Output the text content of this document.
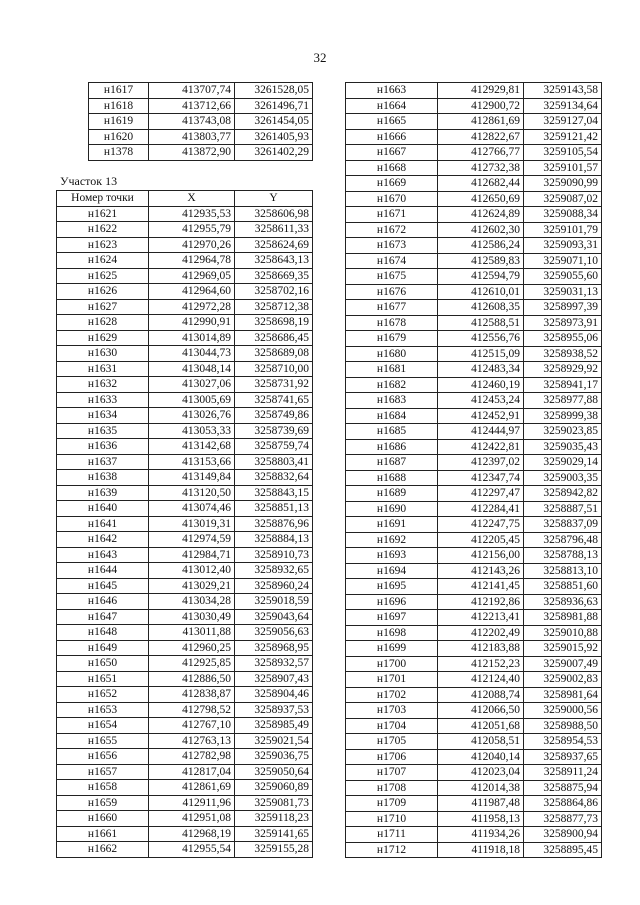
32
н1617	413707,74	3261528,05
н1618	413712,66	3261496,71
н1619	413743,08	3261454,05
н1620	413803,77	3261405,93
н1378	413872,90	3261402,29
Участок 13
Номер точки	X	Y
н1621	412935,53	3258606,98
н1622	412955,79	3258611,33
н1623	412970,26	3258624,69
н1624	412964,78	3258643,13
н1625	412969,05	3258669,35
н1626	412964,60	3258702,16
н1627	412972,28	3258712,38
н1628	412990,91	3258698,19
н1629	413014,89	3258686,45
н1630	413044,73	3258689,08
н1631	413048,14	3258710,00
н1632	413027,06	3258731,92
н1633	413005,69	3258741,65
н1634	413026,76	3258749,86
н1635	413053,33	3258739,69
н1636	413142,68	3258759,74
н1637	413153,66	3258803,41
н1638	413149,84	3258832,64
н1639	413120,50	3258843,15
н1640	413074,46	3258851,13
н1641	413019,31	3258876,96
н1642	412974,59	3258884,13
н1643	412984,71	3258910,73
н1644	413012,40	3258932,65
н1645	413029,21	3258960,24
н1646	413034,28	3259018,59
н1647	413030,49	3259043,64
н1648	413011,88	3259056,63
н1649	412960,25	3258968,95
н1650	412925,85	3258932,57
н1651	412886,50	3258907,43
н1652	412838,87	3258904,46
н1653	412798,52	3258937,53
н1654	412767,10	3258985,49
н1655	412763,13	3259021,54
н1656	412782,98	3259036,75
н1657	412817,04	3259050,64
н1658	412861,69	3259060,89
н1659	412911,96	3259081,73
н1660	412951,08	3259118,23
н1661	412968,19	3259141,65
н1662	412955,54	3259155,28
н1663	412929,81	3259143,58
н1664	412900,72	3259134,64
н1665	412861,69	3259127,04
н1666	412822,67	3259121,42
н1667	412766,77	3259105,54
н1668	412732,38	3259101,57
н1669	412682,44	3259090,99
н1670	412650,69	3259087,02
н1671	412624,89	3259088,34
н1672	412602,30	3259101,79
н1673	412586,24	3259093,31
н1674	412589,83	3259071,10
н1675	412594,79	3259055,60
н1676	412610,01	3259031,13
н1677	412608,35	3258997,39
н1678	412588,51	3258973,91
н1679	412556,76	3258955,06
н1680	412515,09	3258938,52
н1681	412483,34	3258929,92
н1682	412460,19	3258941,17
н1683	412453,24	3258977,88
н1684	412452,91	3258999,38
н1685	412444,97	3259023,85
н1686	412422,81	3259035,43
н1687	412397,02	3259029,14
н1688	412347,74	3259003,35
н1689	412297,47	3258942,82
н1690	412284,41	3258887,51
н1691	412247,75	3258837,09
н1692	412205,45	3258796,48
н1693	412156,00	3258788,13
н1694	412143,26	3258813,10
н1695	412141,45	3258851,60
н1696	412192,86	3258936,63
н1697	412213,41	3258981,88
н1698	412202,49	3259010,88
н1699	412183,88	3259015,92
н1700	412152,23	3259007,49
н1701	412124,40	3259002,83
н1702	412088,74	3258981,64
н1703	412066,50	3259000,56
н1704	412051,68	3258988,50
н1705	412058,51	3258954,53
н1706	412040,14	3258937,65
н1707	412023,04	3258911,24
н1708	412014,38	3258875,94
н1709	411987,48	3258864,86
н1710	411958,13	3258877,73
н1711	411934,26	3258900,94
н1712	411918,18	3258895,45
